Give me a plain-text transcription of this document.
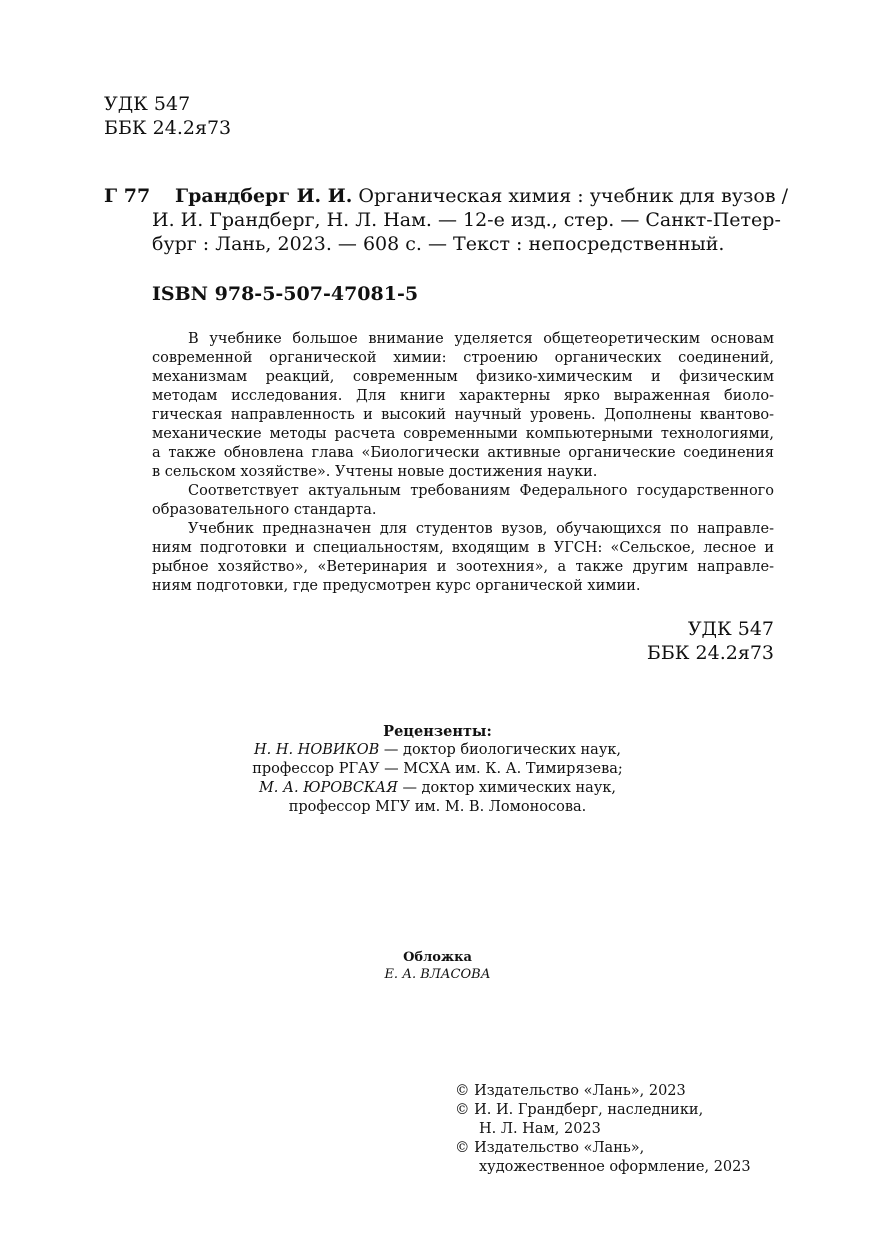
УДК 547
ББК 24.2я73
Г 77 Грандберг И. И. Органическая химия : учебник для вузов /
И. И. Грандберг, Н. Л. Нам. — 12-е изд., стер. — Санкт-Петер-
бург : Лань, 2023. — 608 с. — Текст : непосредственный.
ISBN 978-5-507-47081-5
В учебнике большое внимание уделяется общетеоретическим основам
современной органической химии: строению органических соединений,
механизмам реакций, современным физико-химическим и физическим
методам исследования. Для книги характерны ярко выраженная биоло-
гическая направленность и высокий научный уровень. Дополнены квантово-
механические методы расчета современными компьютерными технологиями,
а также обновлена глава «Биологически активные органические соединения
в сельском хозяйстве». Учтены новые достижения науки.
Соответствует актуальным требованиям Федерального государственного
образовательного стандарта.
Учебник предназначен для студентов вузов, обучающихся по направле-
ниям подготовки и специальностям, входящим в УГСН: «Сельское, лесное и
рыбное хозяйство», «Ветеринария и зоотехния», а также другим направле-
ниям подготовки, где предусмотрен курс органической химии.
УДК 547
ББК 24.2я73
Рецензенты:
Н. Н. НОВИКОВ — доктор биологических наук,
профессор РГАУ — МСХА им. К. А. Тимирязева;
М. А. ЮРОВСКАЯ — доктор химических наук,
профессор МГУ им. М. В. Ломоносова.
Обложка
Е. А. ВЛАСОВА
© Издательство «Лань», 2023
© И. И. Грандберг, наследники,
Н. Л. Нам, 2023
© Издательство «Лань»,
художественное оформление, 2023
